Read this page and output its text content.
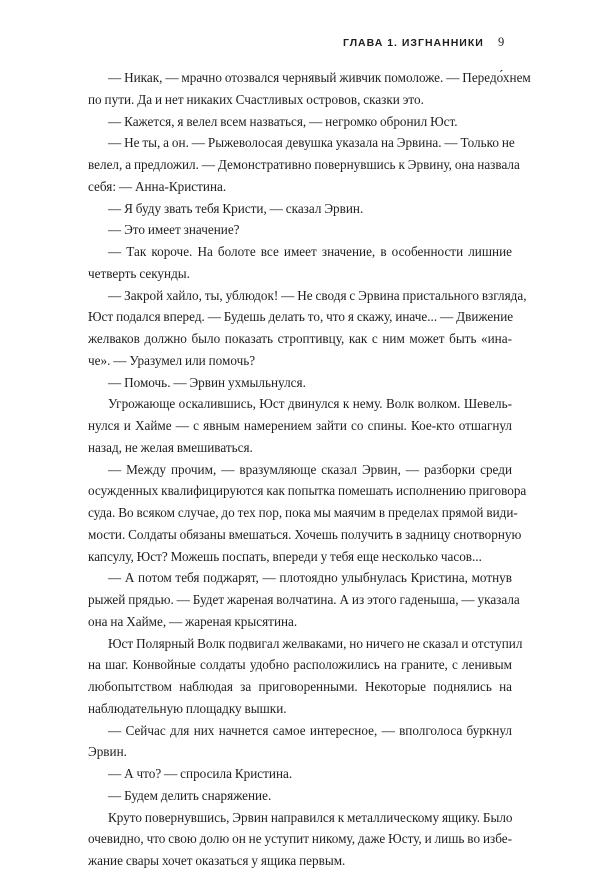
ГЛАВА 1. ИЗГНАННИКИ 9
— Никак, — мрачно отозвался чернявый живчик помоложе. — Передо́хнем
по пути. Да и нет никаких Счастливых островов, сказки это.
— Кажется, я велел всем назваться, — негромко обронил Юст.
— Не ты, а он. — Рыжеволосая девушка указала на Эрвина. — Только не
велел, а предложил. — Демонстративно повернувшись к Эрвину, она назвала
себя: — Анна-Кристина.
— Я буду звать тебя Кристи, — сказал Эрвин.
— Это имеет значение?
— Так короче. На болоте все имеет значение, в особенности лишние
четверть секунды.
— Закрой хайло, ты, ублюдок! — Не сводя с Эрвина пристального взгляда,
Юст подался вперед. — Будешь делать то, что я скажу, иначе... — Движение
желваков должно было показать строптивцу, как с ним может быть «ина-
че». — Уразумел или помочь?
— Помочь. — Эрвин ухмыльнулся.
Угрожающе оскалившись, Юст двинулся к нему. Волк волком. Шевель-
нулся и Хайме — с явным намерением зайти со спины. Кое-кто отшагнул
назад, не желая вмешиваться.
— Между прочим, — вразумляюще сказал Эрвин, — разборки среди
осужденных квалифицируются как попытка помешать исполнению приговора
суда. Во всяком случае, до тех пор, пока мы маячим в пределах прямой види-
мости. Солдаты обязаны вмешаться. Хочешь получить в задницу снотворную
капсулу, Юст? Можешь поспать, впереди у тебя еще несколько часов...
— А потом тебя поджарят, — плотоядно улыбнулась Кристина, мотнув
рыжей прядью. — Будет жареная волчатина. А из этого гаденыша, — указала
она на Хайме, — жареная крысятина.
Юст Полярный Волк подвигал желваками, но ничего не сказал и отступил
на шаг. Конвойные солдаты удобно расположились на граните, с ленивым
любопытством наблюдая за приговоренными. Некоторые поднялись на
наблюдательную площадку вышки.
— Сейчас для них начнется самое интересное, — вполголоса буркнул
Эрвин.
— А что? — спросила Кристина.
— Будем делить снаряжение.
Круто повернувшись, Эрвин направился к металлическому ящику. Было
очевидно, что свою долю он не уступит никому, даже Юсту, и лишь во избе-
жание свары хочет оказаться у ящика первым.
